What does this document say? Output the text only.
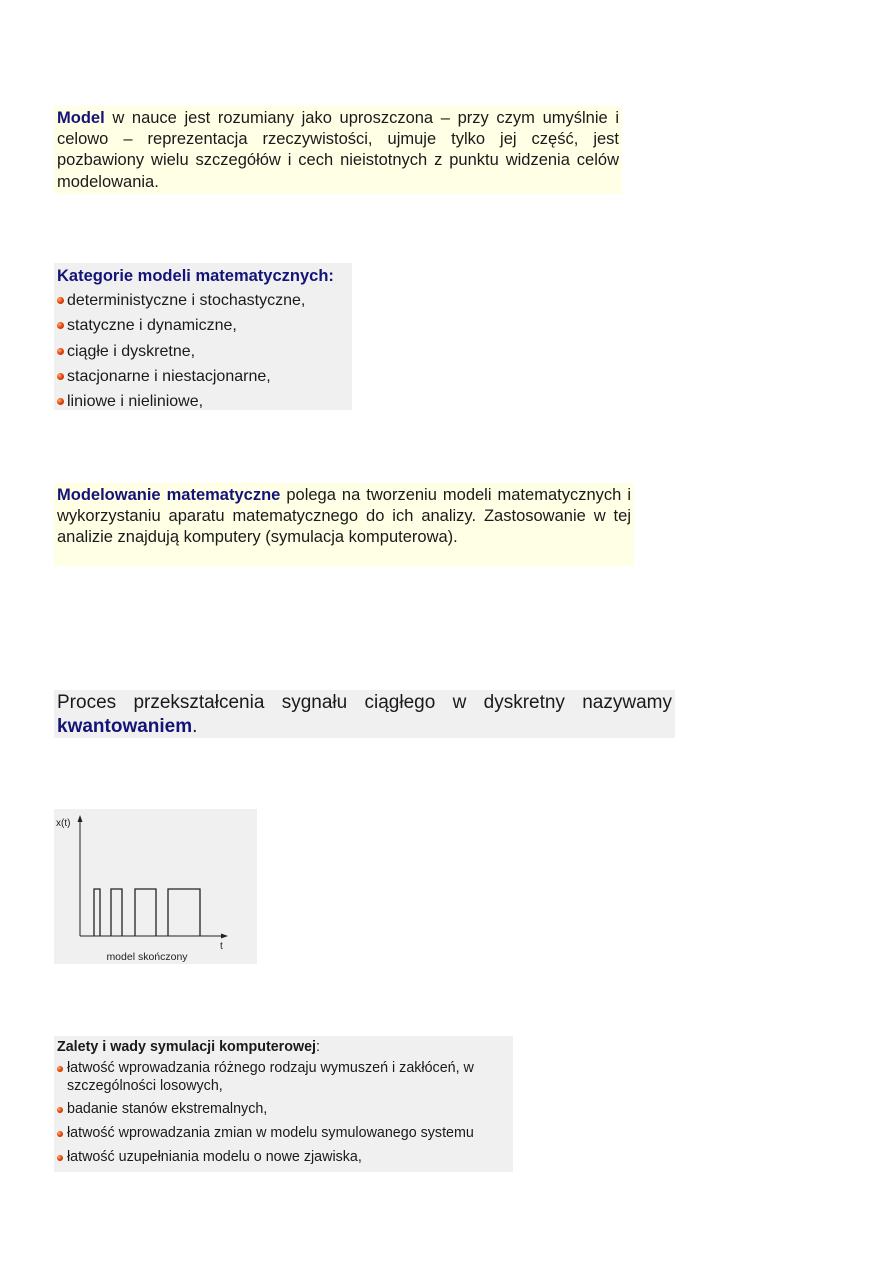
Model w nauce jest rozumiany jako uproszczona – przy czym umyślnie i celowo – reprezentacja rzeczywistości, ujmuje tylko jej część, jest pozbawiony wielu szczegółów i cech nieistotnych z punktu widzenia celów modelowania.
Kategorie modeli matematycznych:
deterministyczne i stochastyczne,
statyczne i dynamiczne,
ciągłe i dyskretne,
stacjonarne i niestacjonarne,
liniowe i nieliniowe,
Modelowanie matematyczne polega na tworzeniu modeli matematycznych i wykorzystaniu aparatu matematycznego do ich analizy. Zastosowanie w tej analizie znajdują komputery (symulacja komputerowa).
Proces przekształcenia sygnału ciągłego w dyskretny nazywamy kwantowaniem.
x(t)
t
model skończony
Zalety i wady symulacji komputerowej:
łatwość wprowadzania różnego rodzaju wymuszeń i zakłóceń, w szczególności losowych,
badanie stanów ekstremalnych,
łatwość wprowadzania zmian w modelu symulowanego systemu
łatwość uzupełniania modelu o nowe zjawiska,
